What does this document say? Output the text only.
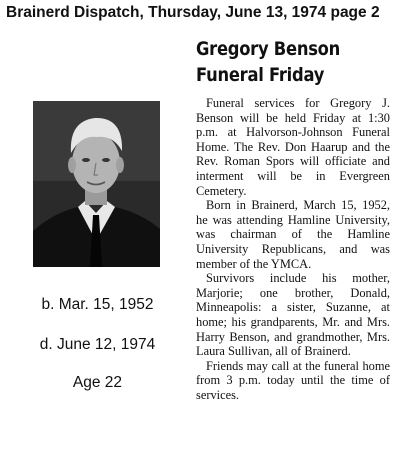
Brainerd Dispatch, Thursday, June 13, 1974 page 2
b. Mar. 15, 1952
d. June 12, 1974
Age 22
Gregory Benson
Funeral Friday

Funeral services for Gregory J. Benson will be held Friday at 1:30 p.m. at Halvorson-Johnson Funeral Home. The Rev. Don Haarup and the Rev. Roman Spors will officiate and interment will be in Evergreen Cemetery.

Born in Brainerd, March 15, 1952, he was attending Hamline University, was chairman of the Hamline University Republicans, and was member of the YMCA.

Survivors include his mother, Marjorie; one brother, Donald, Minneapolis: a sister, Suzanne, at home; his grandparents, Mr. and Mrs. Harry Benson, and grandmother, Mrs. Laura Sullivan, all of Brainerd.

Friends may call at the funeral home from 3 p.m. today until the time of services.
